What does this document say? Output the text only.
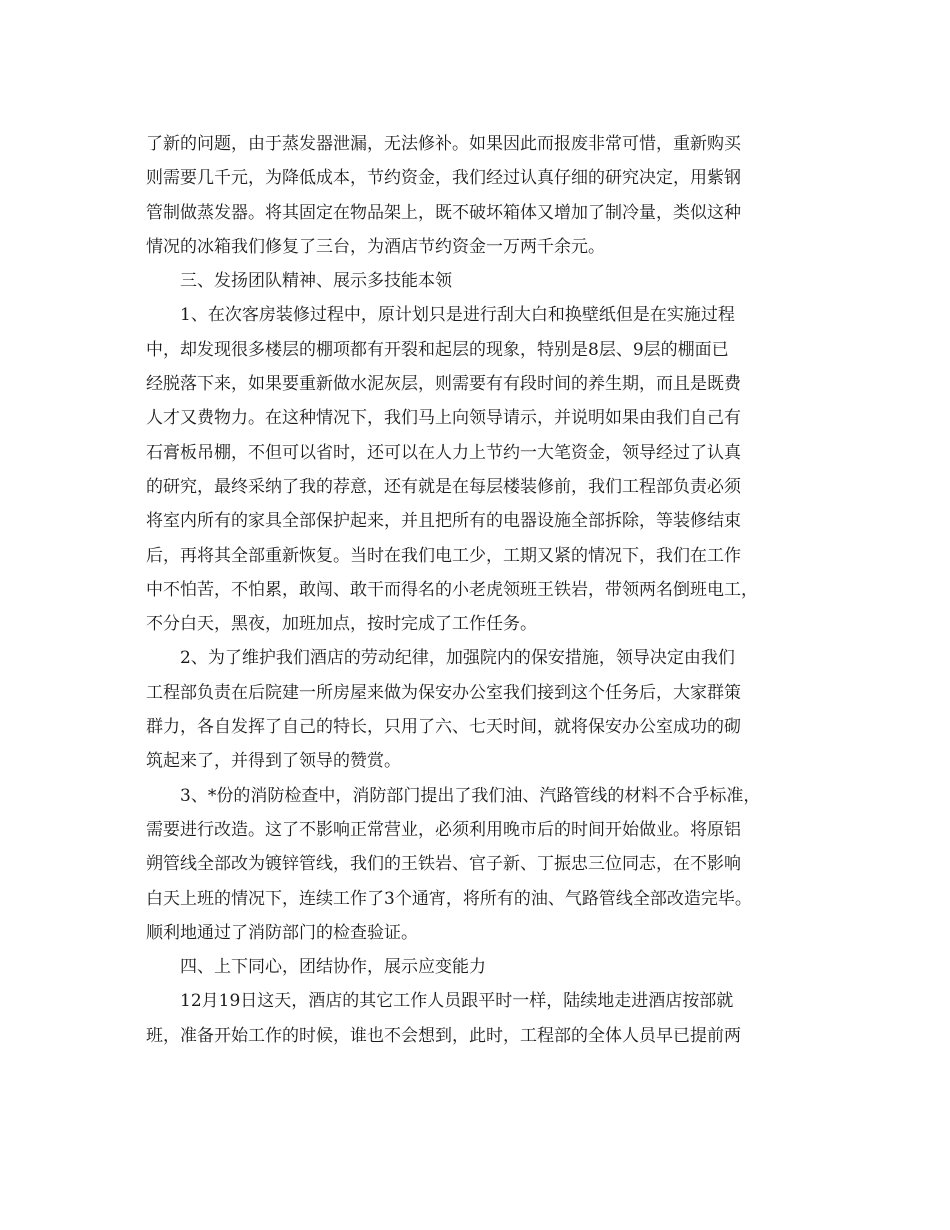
了新的问题，由于蒸发器泄漏，无法修补。如果因此而报废非常可惜，重新购买
则需要几千元，为降低成本，节约资金，我们经过认真仔细的研究决定，用紫钢
管制做蒸发器。将其固定在物品架上，既不破坏箱体又增加了制冷量，类似这种
情况的冰箱我们修复了三台，为酒店节约资金一万两千余元。
三、发扬团队精神、展示多技能本领
1、在次客房装修过程中，原计划只是进行刮大白和换壁纸但是在实施过程
中，却发现很多楼层的棚项都有开裂和起层的现象，特别是8层、9层的棚面已
经脱落下来，如果要重新做水泥灰层，则需要有有段时间的养生期，而且是既费
人才又费物力。在这种情况下，我们马上向领导请示，并说明如果由我们自己有
石膏板吊棚，不但可以省时，还可以在人力上节约一大笔资金，领导经过了认真
的研究，最终采纳了我的荐意，还有就是在每层楼装修前，我们工程部负责必须
将室内所有的家具全部保护起来，并且把所有的电器设施全部拆除，等装修结束
后，再将其全部重新恢复。当时在我们电工少，工期又紧的情况下，我们在工作
中不怕苦，不怕累，敢闯、敢干而得名的小老虎领班王铁岩，带领两名倒班电工，
不分白天，黑夜，加班加点，按时完成了工作任务。
2、为了维护我们酒店的劳动纪律，加强院内的保安措施，领导决定由我们
工程部负责在后院建一所房屋来做为保安办公室我们接到这个任务后，大家群策
群力，各自发挥了自己的特长，只用了六、七天时间，就将保安办公室成功的砌
筑起来了，并得到了领导的赞赏。
3、*份的消防检查中，消防部门提出了我们油、汽路管线的材料不合乎标准，
需要进行改造。这了不影响正常营业，必须利用晚市后的时间开始做业。将原铝
朔管线全部改为镀锌管线，我们的王铁岩、官子新、丁振忠三位同志，在不影响
白天上班的情况下，连续工作了3个通宵，将所有的油、气路管线全部改造完毕。
顺利地通过了消防部门的检查验证。
四、上下同心，团结协作，展示应变能力
12月19日这天，酒店的其它工作人员跟平时一样，陆续地走进酒店按部就
班，准备开始工作的时候，谁也不会想到，此时，工程部的全体人员早已提前两
